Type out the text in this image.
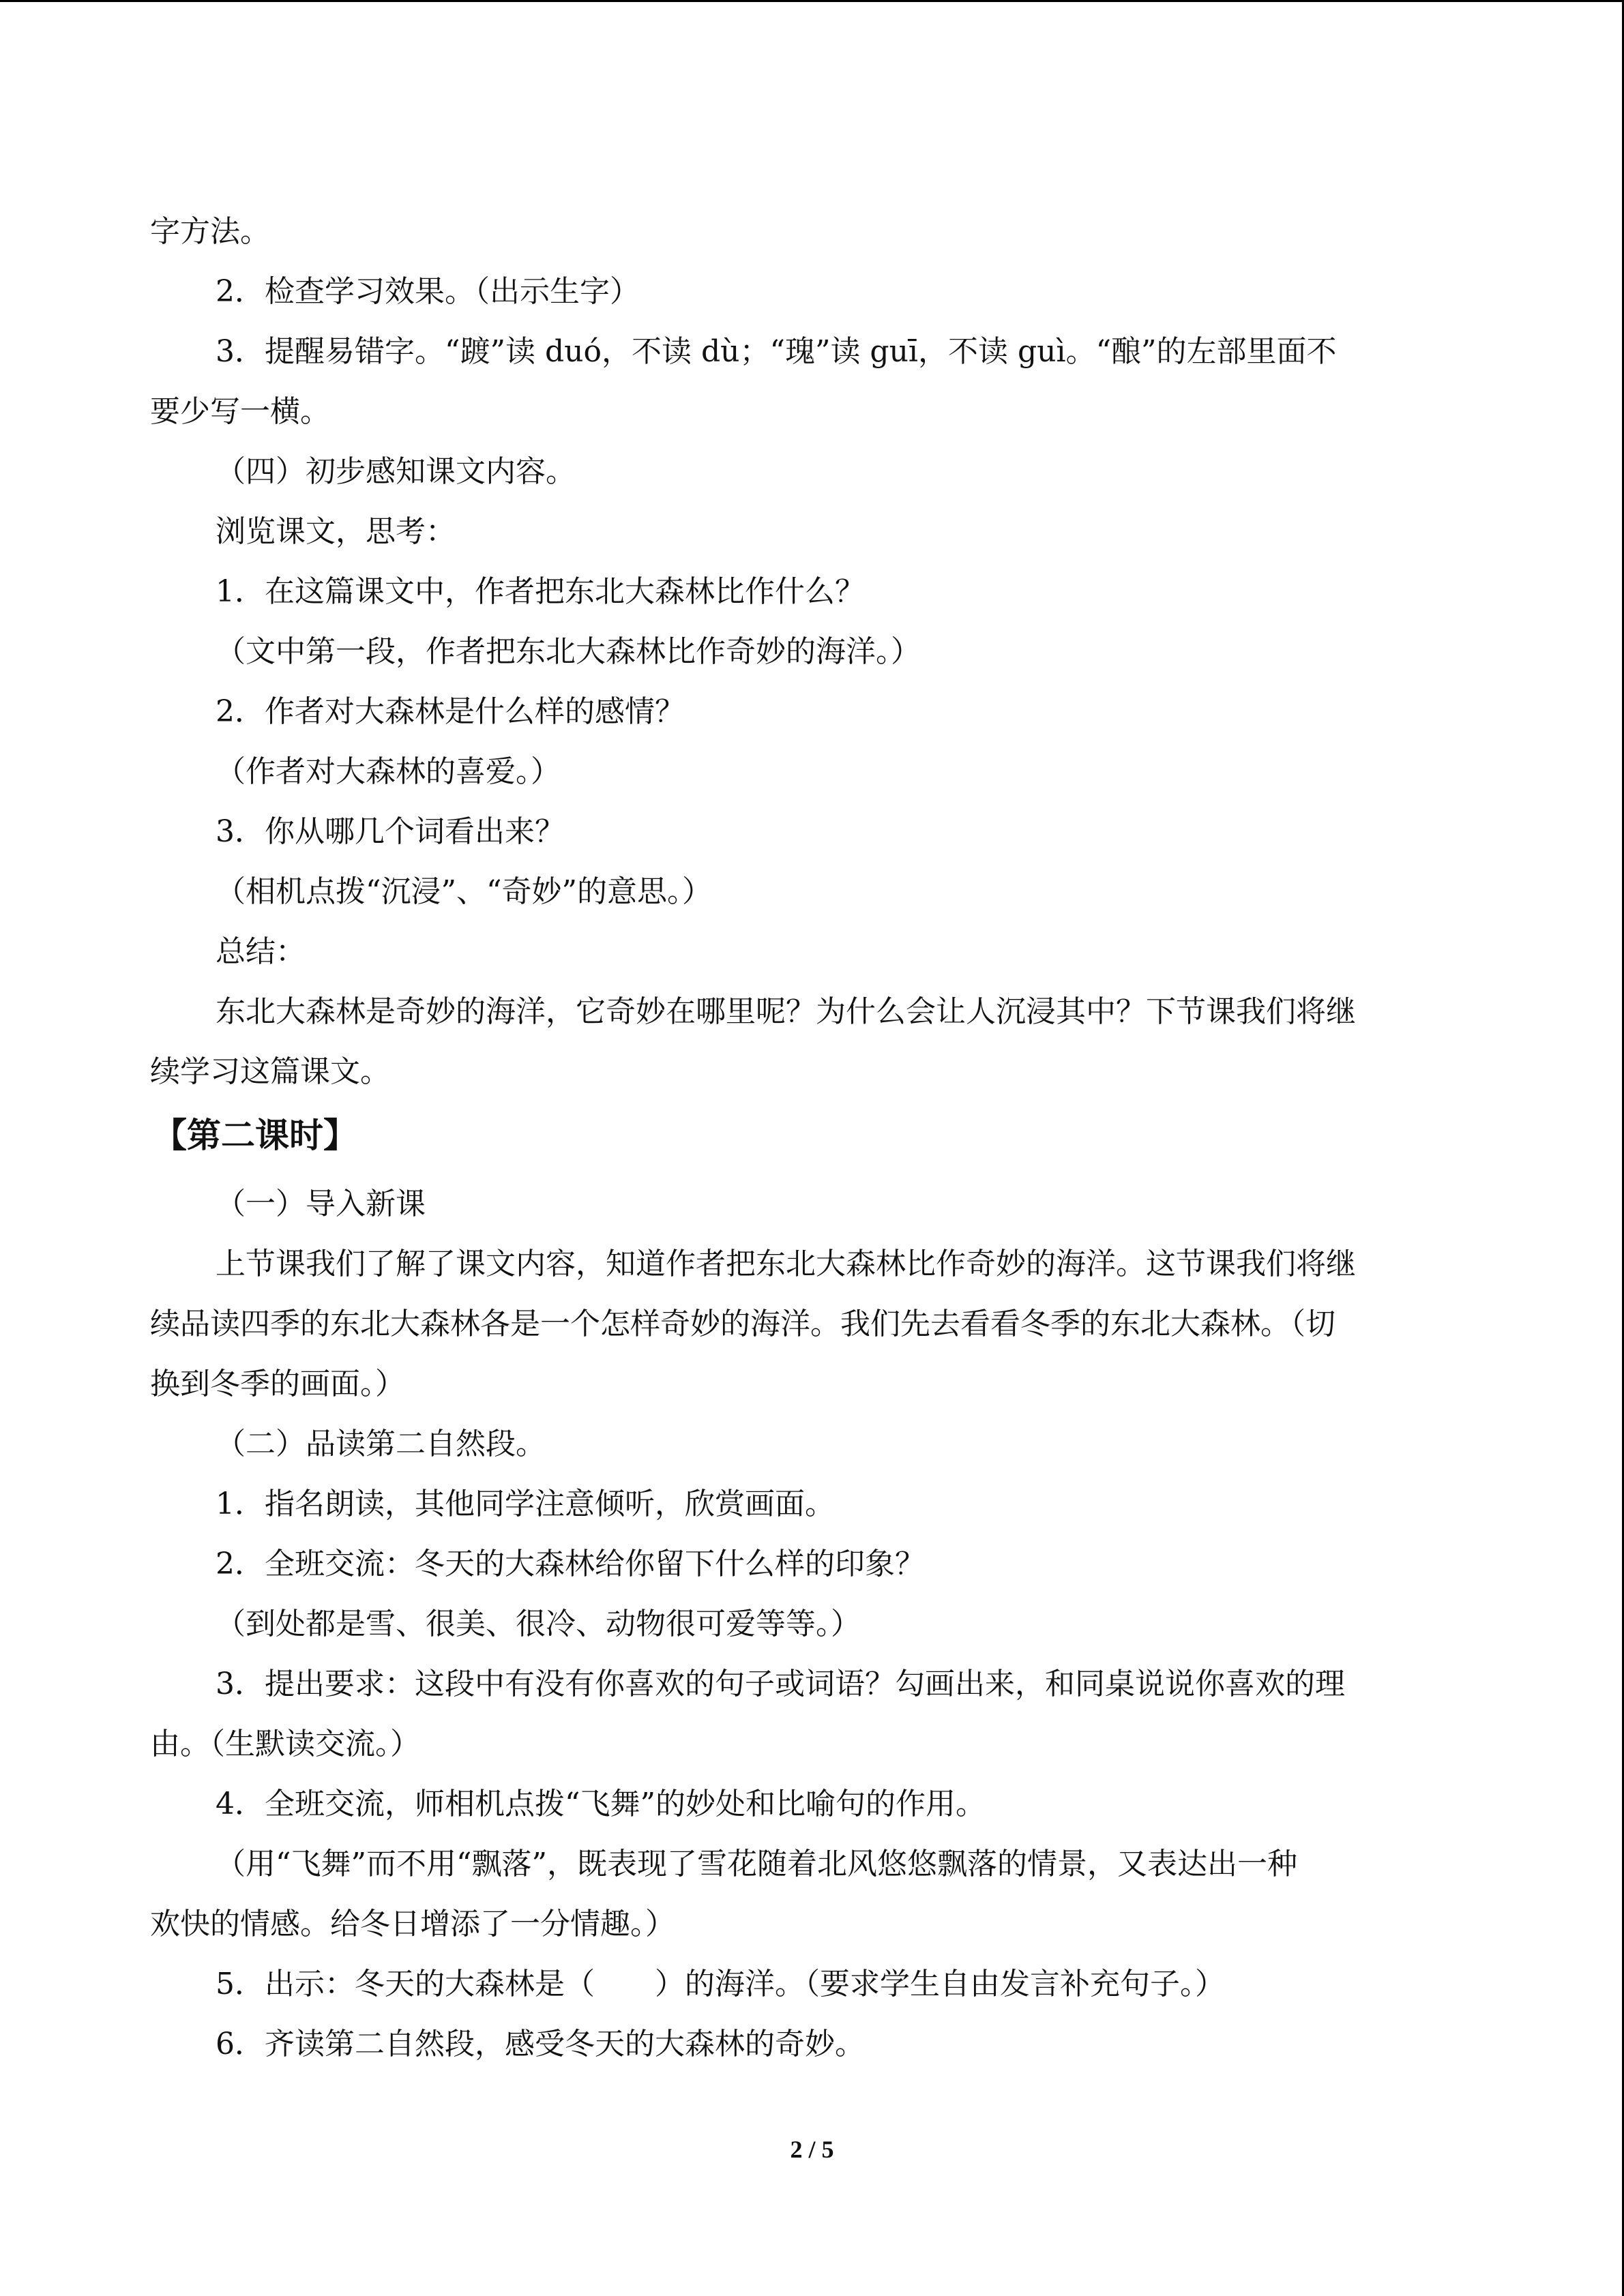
字方法。
2．检查学习效果。（出示生字）
3．提醒易错字。“踱”读 duó，不读 dù；“瑰”读 guī，不读 guì。“酿”的左部里面不
要少写一横。
（四）初步感知课文内容。
浏览课文，思考：
1．在这篇课文中，作者把东北大森林比作什么？
（文中第一段，作者把东北大森林比作奇妙的海洋。）
2．作者对大森林是什么样的感情？
（作者对大森林的喜爱。）
3．你从哪几个词看出来？
（相机点拨“沉浸”、“奇妙”的意思。）
总结：
东北大森林是奇妙的海洋，它奇妙在哪里呢？为什么会让人沉浸其中？下节课我们将继
续学习这篇课文。
【第二课时】
（一）导入新课
上节课我们了解了课文内容，知道作者把东北大森林比作奇妙的海洋。这节课我们将继
续品读四季的东北大森林各是一个怎样奇妙的海洋。我们先去看看冬季的东北大森林。（切
换到冬季的画面。）
（二）品读第二自然段。
1．指名朗读，其他同学注意倾听，欣赏画面。
2．全班交流：冬天的大森林给你留下什么样的印象？
（到处都是雪、很美、很冷、动物很可爱等等。）
3．提出要求：这段中有没有你喜欢的句子或词语？勾画出来，和同桌说说你喜欢的理
由。（生默读交流。）
4．全班交流，师相机点拨“飞舞”的妙处和比喻句的作用。
（用“飞舞”而不用“飘落”，既表现了雪花随着北风悠悠飘落的情景，又表达出一种
欢快的情感。给冬日增添了一分情趣。）
5．出示：冬天的大森林是（　　）的海洋。（要求学生自由发言补充句子。）
6．齐读第二自然段，感受冬天的大森林的奇妙。
2 / 5
